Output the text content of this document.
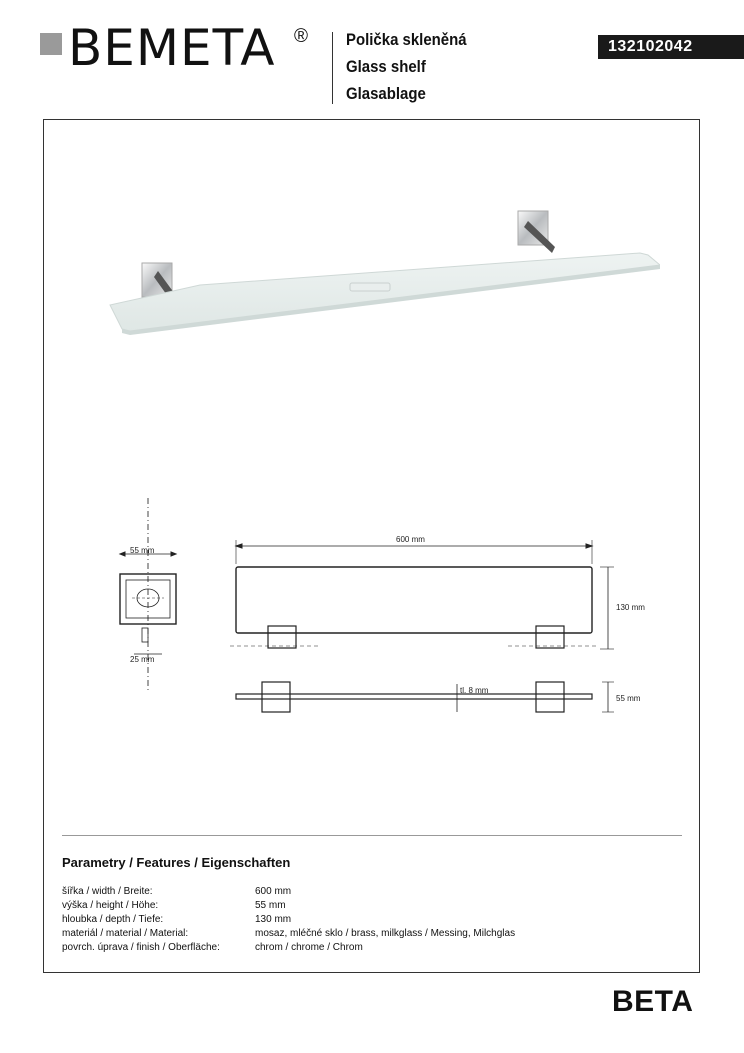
BEMETA ® Polička skleněná
Glass shelf
Glasablage
132102042
55 mm
25 mm
600 mm
130 mm
tl. 8 mm
55 mm
Parametry / Features / Eigenschaften
šířka / width / Breite:	600 mm
výška / height / Höhe:	55 mm
hloubka / depth / Tiefe:	130 mm
materiál / material / Material:	mosaz, mléčné sklo / brass, milkglass / Messing, Milchglas
povrch. úprava / finish / Oberfläche:	chrom / chrome / Chrom
BETA
